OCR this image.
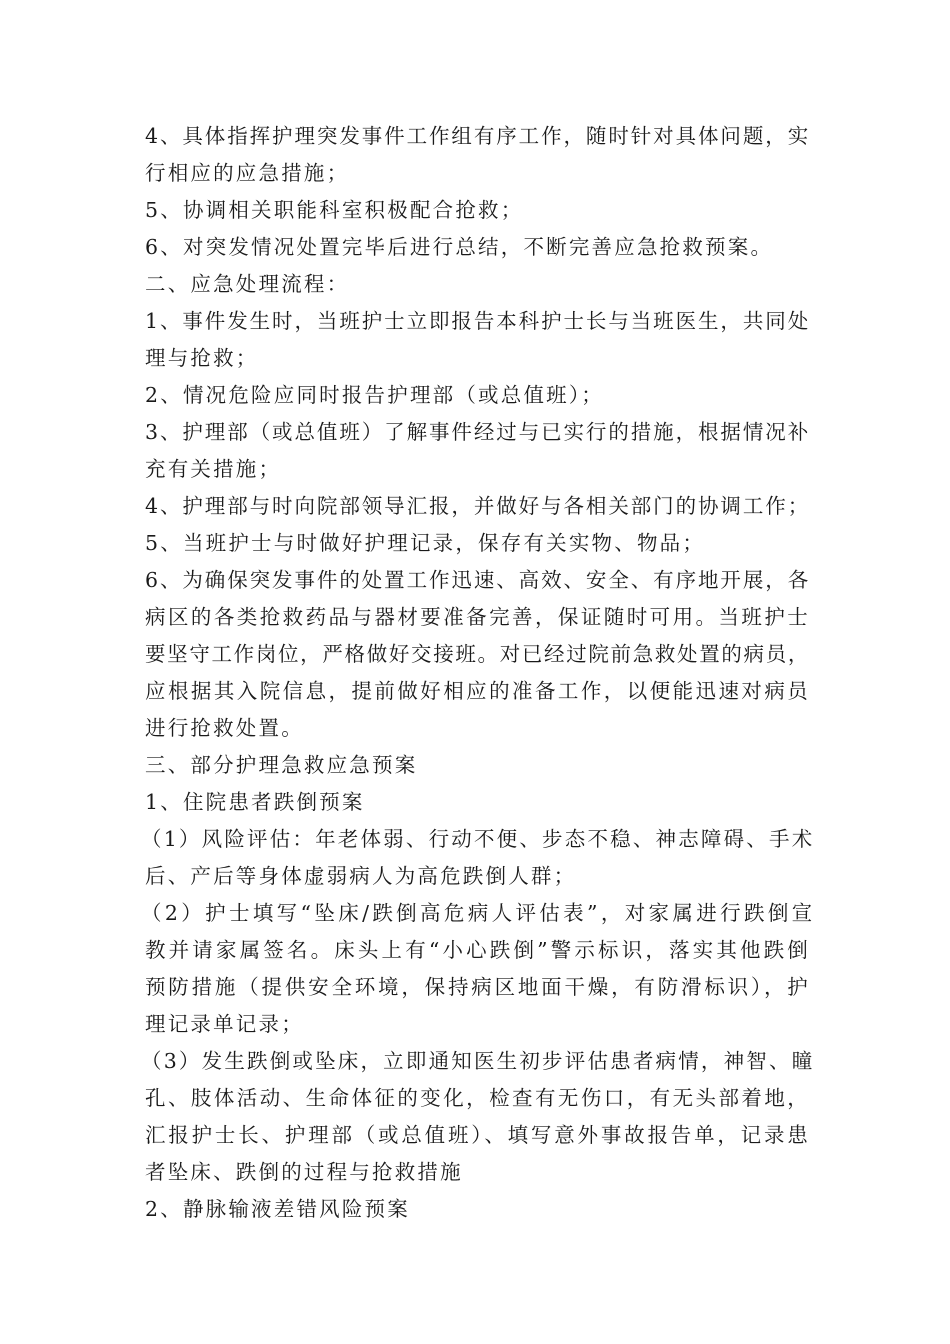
4、具体指挥护理突发事件工作组有序工作，随时针对具体问题，实
行相应的应急措施；
5、协调相关职能科室积极配合抢救；
6、对突发情况处置完毕后进行总结，不断完善应急抢救预案。
二、应急处理流程：
1、事件发生时，当班护士立即报告本科护士长与当班医生，共同处
理与抢救；
2、情况危险应同时报告护理部（或总值班）；
3、护理部（或总值班）了解事件经过与已实行的措施，根据情况补
充有关措施；
4、护理部与时向院部领导汇报，并做好与各相关部门的协调工作；
5、当班护士与时做好护理记录，保存有关实物、物品；
6、为确保突发事件的处置工作迅速、高效、安全、有序地开展，各
病区的各类抢救药品与器材要准备完善，保证随时可用。当班护士
要坚守工作岗位，严格做好交接班。对已经过院前急救处置的病员，
应根据其入院信息，提前做好相应的准备工作，以便能迅速对病员
进行抢救处置。
三、部分护理急救应急预案
1、住院患者跌倒预案
（1）风险评估：年老体弱、行动不便、步态不稳、神志障碍、手术
后、产后等身体虚弱病人为高危跌倒人群；
（2）护士填写“坠床/跌倒高危病人评估表”，对家属进行跌倒宣
教并请家属签名。床头上有“小心跌倒”警示标识，落实其他跌倒
预防措施（提供安全环境，保持病区地面干燥，有防滑标识），护
理记录单记录；
（3）发生跌倒或坠床，立即通知医生初步评估患者病情，神智、瞳
孔、肢体活动、生命体征的变化，检查有无伤口，有无头部着地，
汇报护士长、护理部（或总值班）、填写意外事故报告单，记录患
者坠床、跌倒的过程与抢救措施
2、静脉输液差错风险预案
